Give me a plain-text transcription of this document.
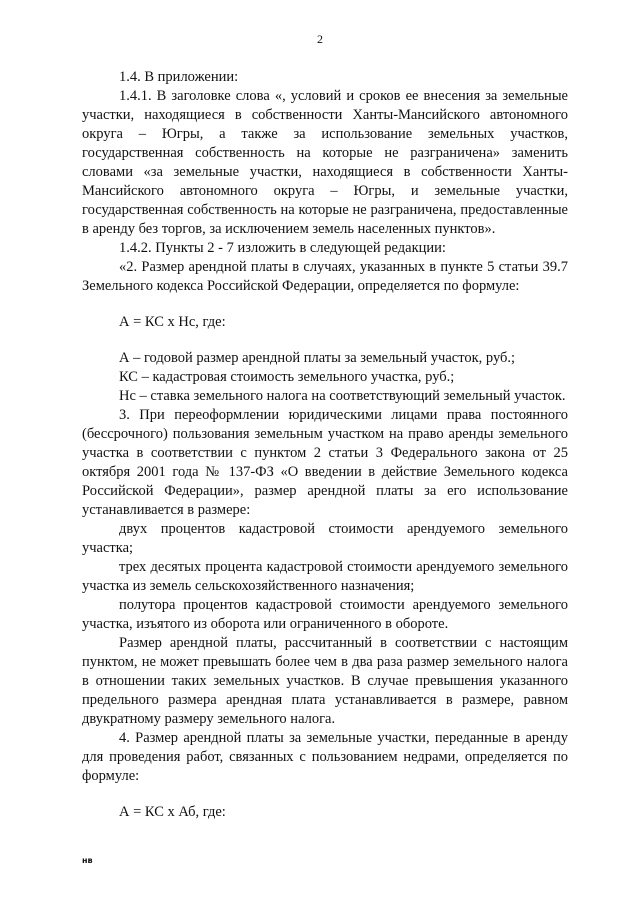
2

1.4. В приложении:

1.4.1. В заголовке слова «, условий и сроков ее внесения за земельные участки, находящиеся в собственности Ханты-Мансийского автономного округа – Югры, а также за использование земельных участков, государственная собственность на которые не разграничена» заменить словами «за земельные участки, находящиеся в собственности Ханты-Мансийского автономного округа – Югры, и земельные участки, государственная собственность на которые не разграничена, предоставленные в аренду без торгов, за исключением земель населенных пунктов».

1.4.2. Пункты 2 - 7 изложить в следующей редакции:

«2. Размер арендной платы в случаях, указанных в пункте 5 статьи 39.7 Земельного кодекса Российской Федерации, определяется по формуле:

А = КС х Нс, где:

А – годовой размер арендной платы за земельный участок, руб.;

КС – кадастровая стоимость земельного участка, руб.;

Нс – ставка земельного налога на соответствующий земельный участок.

3. При переоформлении юридическими лицами права постоянного (бессрочного) пользования земельным участком на право аренды земельного участка в соответствии с пунктом 2 статьи 3 Федерального закона от 25 октября 2001 года № 137-ФЗ «О введении в действие Земельного кодекса Российской Федерации», размер арендной платы за его использование устанавливается в размере:

двух процентов кадастровой стоимости арендуемого земельного участка;

трех десятых процента кадастровой стоимости арендуемого земельного участка из земель сельскохозяйственного назначения;

полутора процентов кадастровой стоимости арендуемого земельного участка, изъятого из оборота или ограниченного в обороте.

Размер арендной платы, рассчитанный в соответствии с настоящим пунктом, не может превышать более чем в два раза размер земельного налога в отношении таких земельных участков. В случае превышения указанного предельного размера арендная плата устанавливается в размере, равном двукратному размеру земельного налога.

4. Размер арендной платы за земельные участки, переданные в аренду для проведения работ, связанных с пользованием недрами, определяется по формуле:

А = КС х Аб, где:

нв
